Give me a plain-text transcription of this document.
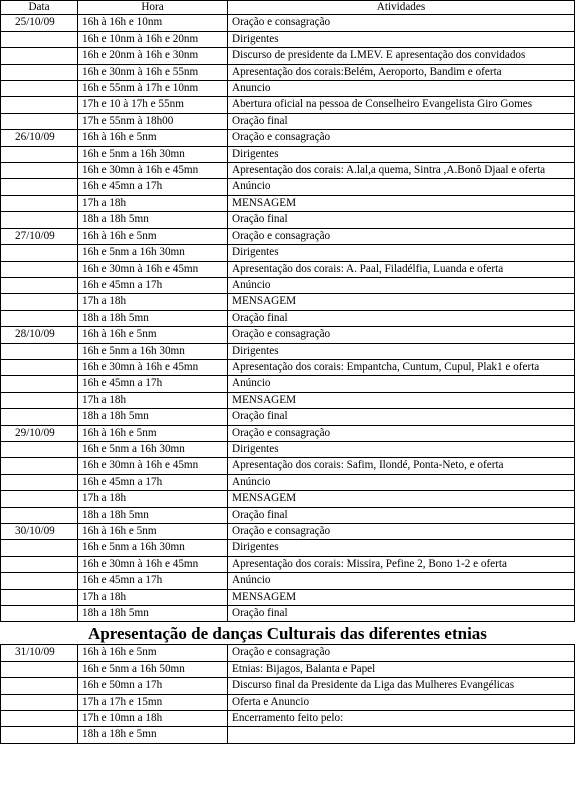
Data	Hora	Atividades
25/10/09	16h à 16h e 10nm	Oração e consagração
	16h e 10nm à 16h e 20nm	Dirigentes
	16h e 20nm à 16h e 30nm	Discurso de presidente da LMEV. E apresentação dos convidados
	16h e 30nm à 16h e 55nm	Apresentação dos corais:Belém, Aeroporto, Bandim e oferta
	16h e 55nm à 17h e 10nm	Anuncio
	17h e 10 à 17h e 55nm	Abertura oficial na pessoa de Conselheiro Evangelista Giro Gomes
	17h e 55nm à 18h00	Oração final
26/10/09	16h à 16h e 5nm	Oração e consagração
	16h e 5nm a 16h 30mn	Dirigentes
	16h e 30mn à 16h e 45mn	Apresentação dos corais: A.lal,a quema, Sintra ,A.Bonô Djaal e oferta
	16h e 45mn a 17h	Anúncio
	17h a 18h	MENSAGEM
	18h a 18h 5mn	Oração final
27/10/09	16h à 16h e 5nm	Oração e consagração
	16h e 5nm a 16h 30mn	Dirigentes
	16h e 30mn à 16h e 45mn	Apresentação dos corais: A. Paal, Filadélfia, Luanda e oferta
	16h e 45mn a 17h	Anúncio
	17h a 18h	MENSAGEM
	18h a 18h 5mn	Oração final
28/10/09	16h à 16h e 5nm	Oração e consagração
	16h e 5nm a 16h 30mn	Dirigentes
	16h e 30mn à 16h e 45mn	Apresentação dos corais: Empantcha, Cuntum, Cupul, Plak1 e oferta
	16h e 45mn a 17h	Anúncio
	17h a 18h	MENSAGEM
	18h a 18h 5mn	Oração final
29/10/09	16h à 16h e 5nm	Oração e consagração
	16h e 5nm a 16h 30mn	Dirigentes
	16h e 30mn à 16h e 45mn	Apresentação dos corais: Safim, Ilondé, Ponta-Neto, e oferta
	16h e 45mn a 17h	Anúncio
	17h a 18h	MENSAGEM
	18h a 18h 5mn	Oração final
30/10/09	16h à 16h e 5nm	Oração e consagração
	16h e 5nm a 16h 30mn	Dirigentes
	16h e 30mn à 16h e 45mn	Apresentação dos corais: Missira, Pefine 2, Bono 1-2 e oferta
	16h e 45mn a 17h	Anúncio
	17h a 18h	MENSAGEM
	18h a 18h 5mn	Oração final
Apresentação de danças Culturais das diferentes etnias		
31/10/09	16h à 16h e 5nm	Oração e consagração
	16h e 5nm a 16h 50mn	Etnias: Bijagos, Balanta e Papel
	16h e 50mn a 17h	Discurso final da Presidente da Liga das Mulheres Evangélicas
	17h a 17h e 15mn	Oferta e Anuncio
	17h e 10mn a 18h	Encerramento feito pelo:
	18h a 18h e 5mn	
